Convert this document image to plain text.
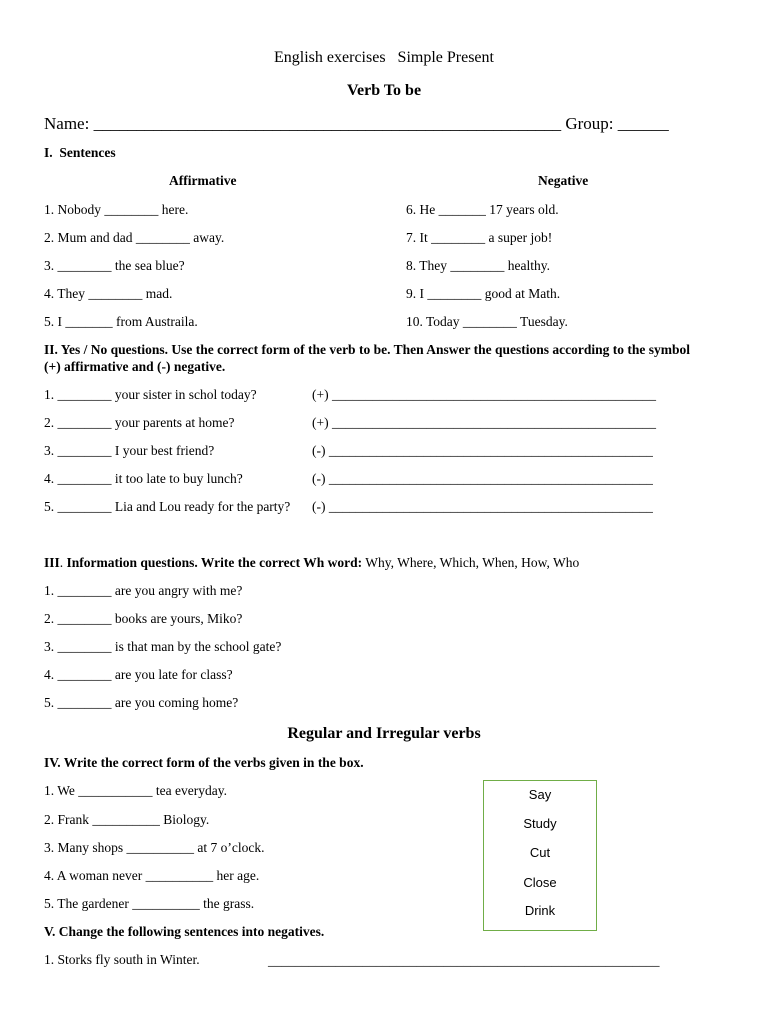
English exercises   Simple Present
Verb To be
Name: _______________________________________________________ Group: ______
I.  Sentences
Affirmative	Negative
1. Nobody ________ here.
2. Mum and dad ________ away.
3. ________ the sea blue?
4. They ________ mad.
5. I _______ from Austraila.
6. He _______ 17 years old.
7. It ________ a super job!
8. They ________ healthy.
9. I ________ good at Math.
10. Today ________ Tuesday.
II. Yes / No questions. Use the correct form of the verb to be. Then Answer the questions according to the symbol
(+) affirmative and (-) negative.
1. ________ your sister in schol today?
2. ________ your parents at home?
3. ________ I your best friend?
4. ________ it too late to buy lunch?
5. ________ Lia and Lou ready for the party?
(+) ________________________________________________
(+) ________________________________________________
(-) ________________________________________________
(-) ________________________________________________
(-) ________________________________________________
III. Information questions. Write the correct Wh word: Why, Where, Which, When, How, Who
1. ________ are you angry with me?
2. ________ books are yours, Miko?
3. ________ is that man by the school gate?
4. ________ are you late for class?
5. ________ are you coming home?
Regular and Irregular verbs
IV. Write the correct form of the verbs given in the box.
1. We ___________ tea everyday.
2. Frank __________ Biology.
3. Many shops __________ at 7 o’clock.
4. A woman never __________ her age.
5. The gardener __________ the grass.
Say
Study
Cut
Close
Drink
V. Change the following sentences into negatives.
1. Storks fly south in Winter.	__________________________________________________________
